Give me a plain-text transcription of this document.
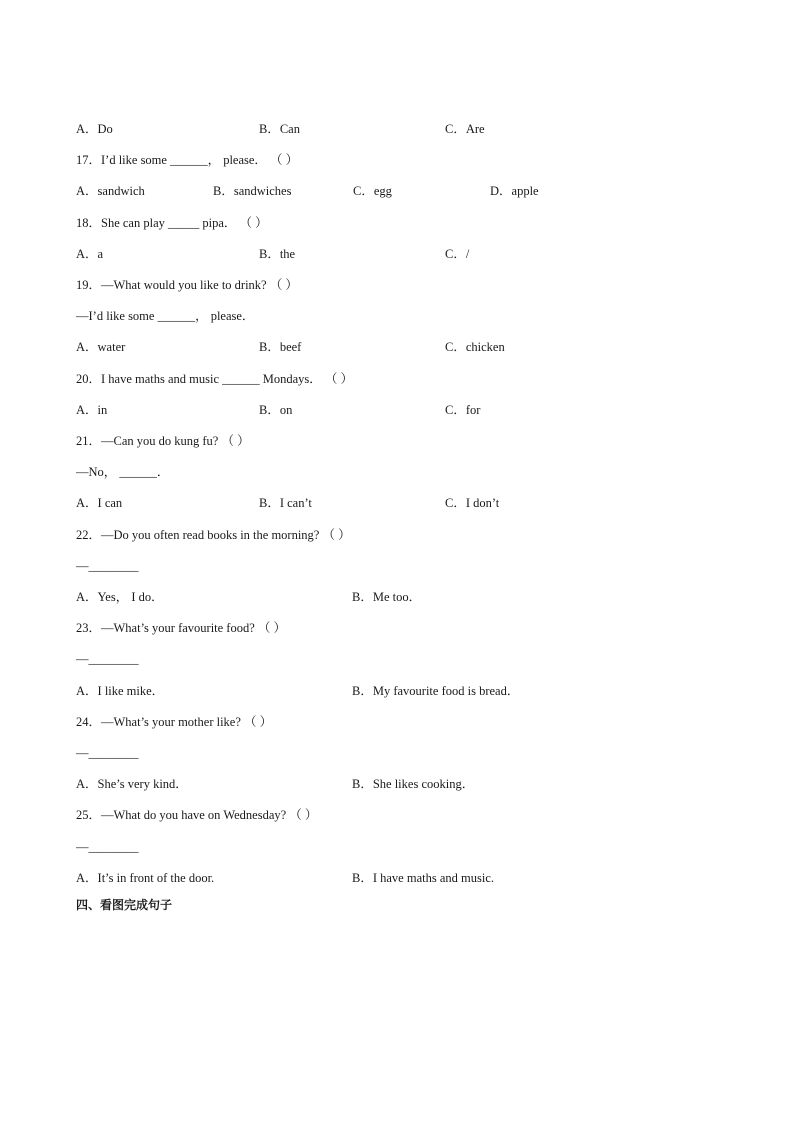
A．Do	B．Can	C．Are
17．I’d like some ______， please． （ ）
A．sandwich	B．sandwiches	C．egg	D．apple
18．She can play _____ pipa． （ ）
A．a	B．the	C．/
19．—What would you like to drink? （ ）
—I’d like some ______， please．
A．water	B．beef	C．chicken
20．I have maths and music ______ Mondays． （ ）
A．in	B．on	C．for
21．—Can you do kung fu? （ ）
—No， ______．
A．I can	B．I can’t	C．I don’t
22．—Do you often read books in the morning? （ ）
—________
A．Yes， I do．	B．Me too．
23．—What’s your favourite food? （ ）
—________
A．I like mike．	B．My favourite food is bread．
24．—What’s your mother like? （ ）
—________
A．She’s very kind．	B．She likes cooking．
25．—What do you have on Wednesday? （ ）
—________
A．It’s in front of the door.	B．I have maths and music.
四、看图完成句子
